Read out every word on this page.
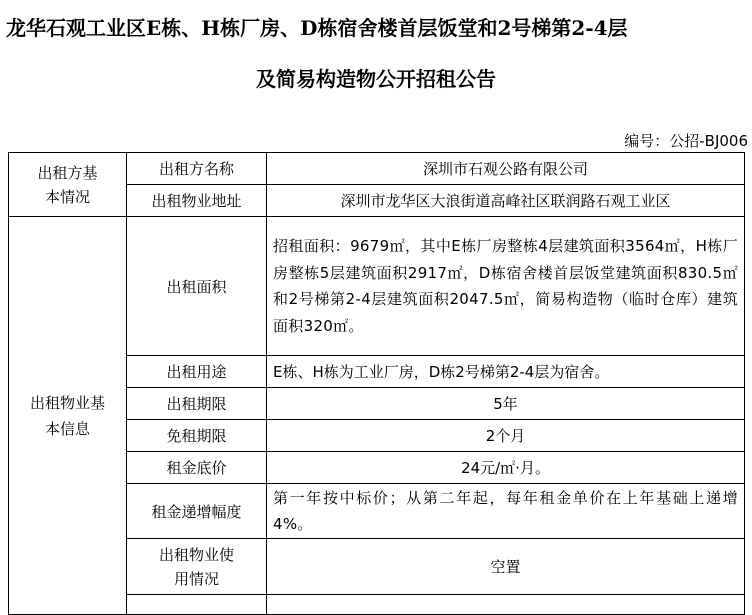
龙华石观工业区E栋、H栋厂房、D栋宿舍楼首层饭堂和2号梯第2-4层
及简易构造物公开招租公告
编号：公招-BJ006
出租方基本情况	出租方名称	深圳市石观公路有限公司
	出租物业地址	深圳市龙华区大浪街道高峰社区联润路石观工业区

出租物业基本信息	出租面积	招租面积：9679㎡，其中E栋厂房整栋4层建筑面积3564㎡，H栋厂房整栋5层建筑面积2917㎡，D栋宿舍楼首层饭堂建筑面积830.5㎡和2号梯第2-4层建筑面积2047.5㎡，简易构造物（临时仓库）建筑面积320㎡。
	出租用途	E栋、H栋为工业厂房，D栋2号梯第2-4层为宿舍。
	出租期限	5年
	免租期限	2个月
	租金底价	24元/㎡·月。
	租金递增幅度	第一年按中标价；从第二年起，每年租金单价在上年基础上递增4%。

	出租物业使用情况	空置
